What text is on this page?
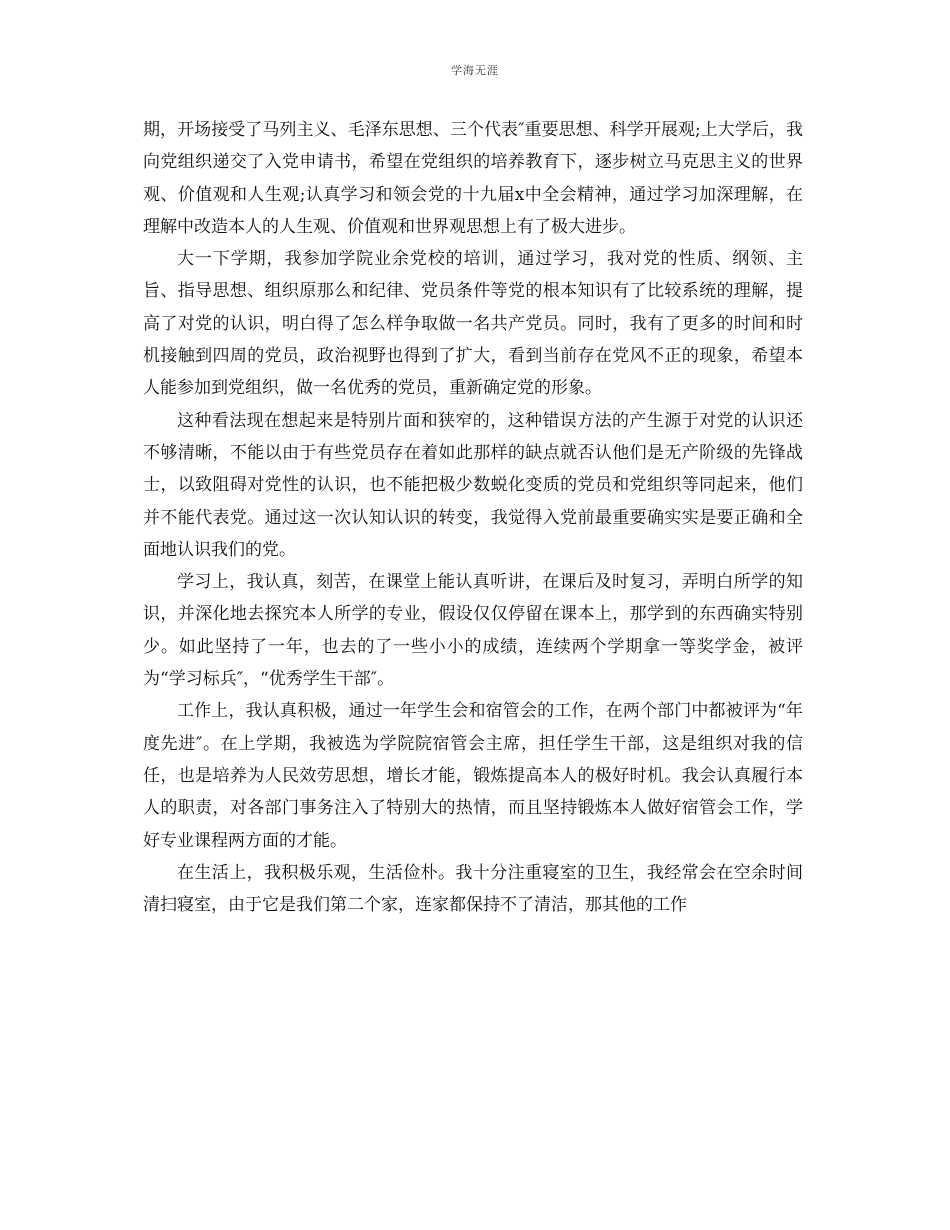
学海无涯

期，开场接受了马列主义、毛泽东思想、三个代表″重要思想、科学开展观;上大学后，我向党组织递交了入党申请书，希望在党组织的培养教育下，逐步树立马克思主义的世界观、价值观和人生观;认真学习和领会党的十九届x中全会精神，通过学习加深理解，在理解中改造本人的人生观、价值观和世界观思想上有了极大进步。

大一下学期，我参加学院业余党校的培训，通过学习，我对党的性质、纲领、主旨、指导思想、组织原那么和纪律、党员条件等党的根本知识有了比较系统的理解，提高了对党的认识，明白得了怎么样争取做一名共产党员。同时，我有了更多的时间和时机接触到四周的党员，政治视野也得到了扩大，看到当前存在党风不正的现象，希望本人能参加到党组织，做一名优秀的党员，重新确定党的形象。

这种看法现在想起来是特别片面和狭窄的，这种错误方法的产生源于对党的认识还不够清晰，不能以由于有些党员存在着如此那样的缺点就否认他们是无产阶级的先锋战士，以致阻碍对党性的认识，也不能把极少数蜕化变质的党员和党组织等同起来，他们并不能代表党。通过这一次认知认识的转变，我觉得入党前最重要确实实是要正确和全面地认识我们的党。

学习上，我认真，刻苦，在课堂上能认真听讲，在课后及时复习，弄明白所学的知识，并深化地去探究本人所学的专业，假设仅仅停留在课本上，那学到的东西确实特别少。如此坚持了一年，也去的了一些小小的成绩，连续两个学期拿一等奖学金，被评为“学习标兵″，“优秀学生干部″。

工作上，我认真积极，通过一年学生会和宿管会的工作，在两个部门中都被评为“年度先进″。在上学期，我被选为学院院宿管会主席，担任学生干部，这是组织对我的信任，也是培养为人民效劳思想，增长才能，锻炼提高本人的极好时机。我会认真履行本人的职责，对各部门事务注入了特别大的热情，而且坚持锻炼本人做好宿管会工作，学好专业课程两方面的才能。

在生活上，我积极乐观，生活俭朴。我十分注重寝室的卫生，我经常会在空余时间清扫寝室，由于它是我们第二个家，连家都保持不了清洁，那其他的工作
